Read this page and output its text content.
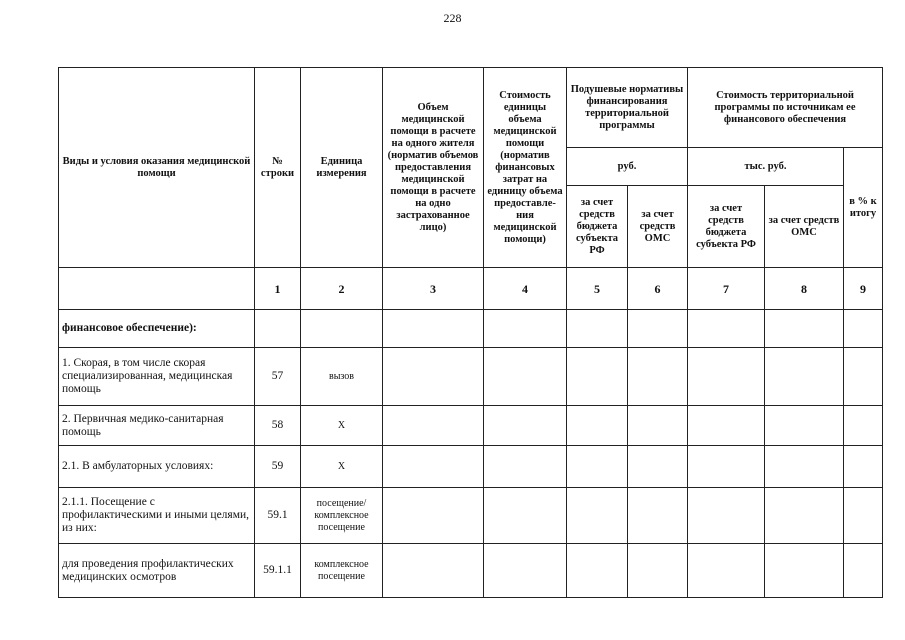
228
Виды и условия оказания медицинской помощи	№ строки	Единица измерения	Объем медицинской помощи в расчете на одного жителя (норматив объемов предоставления медицинской помощи в расчете на одно застрахованное лицо)	Стоимость единицы объема медицинской помощи (норматив финансовых затрат на единицу объема предоставле-ния медицинской помощи)	Подушевые нормативы финансирования территориальной программы		Стоимость территориальной программы по источникам ее финансового обеспечения		
					руб.		тыс. руб.		в % к итогу
					за счет средств бюджета субъекта РФ	за счет средств ОМС	за счет средств бюджета субъекта РФ	за счет средств ОМС	
	1	2	3	4	5	6	7	8	9
финансовое обеспечение):									
1. Скорая, в том числе скорая специализированная, медицинская помощь	57	вызов							
2. Первичная медико-санитарная помощь	58	Х							
2.1. В амбулаторных условиях:	59	Х							
2.1.1. Посещение с профилактическими и иными целями, из них:	59.1	посещение/ комплексное посещение							
для проведения профилактических медицинских осмотров	59.1.1	комплексное посещение							
